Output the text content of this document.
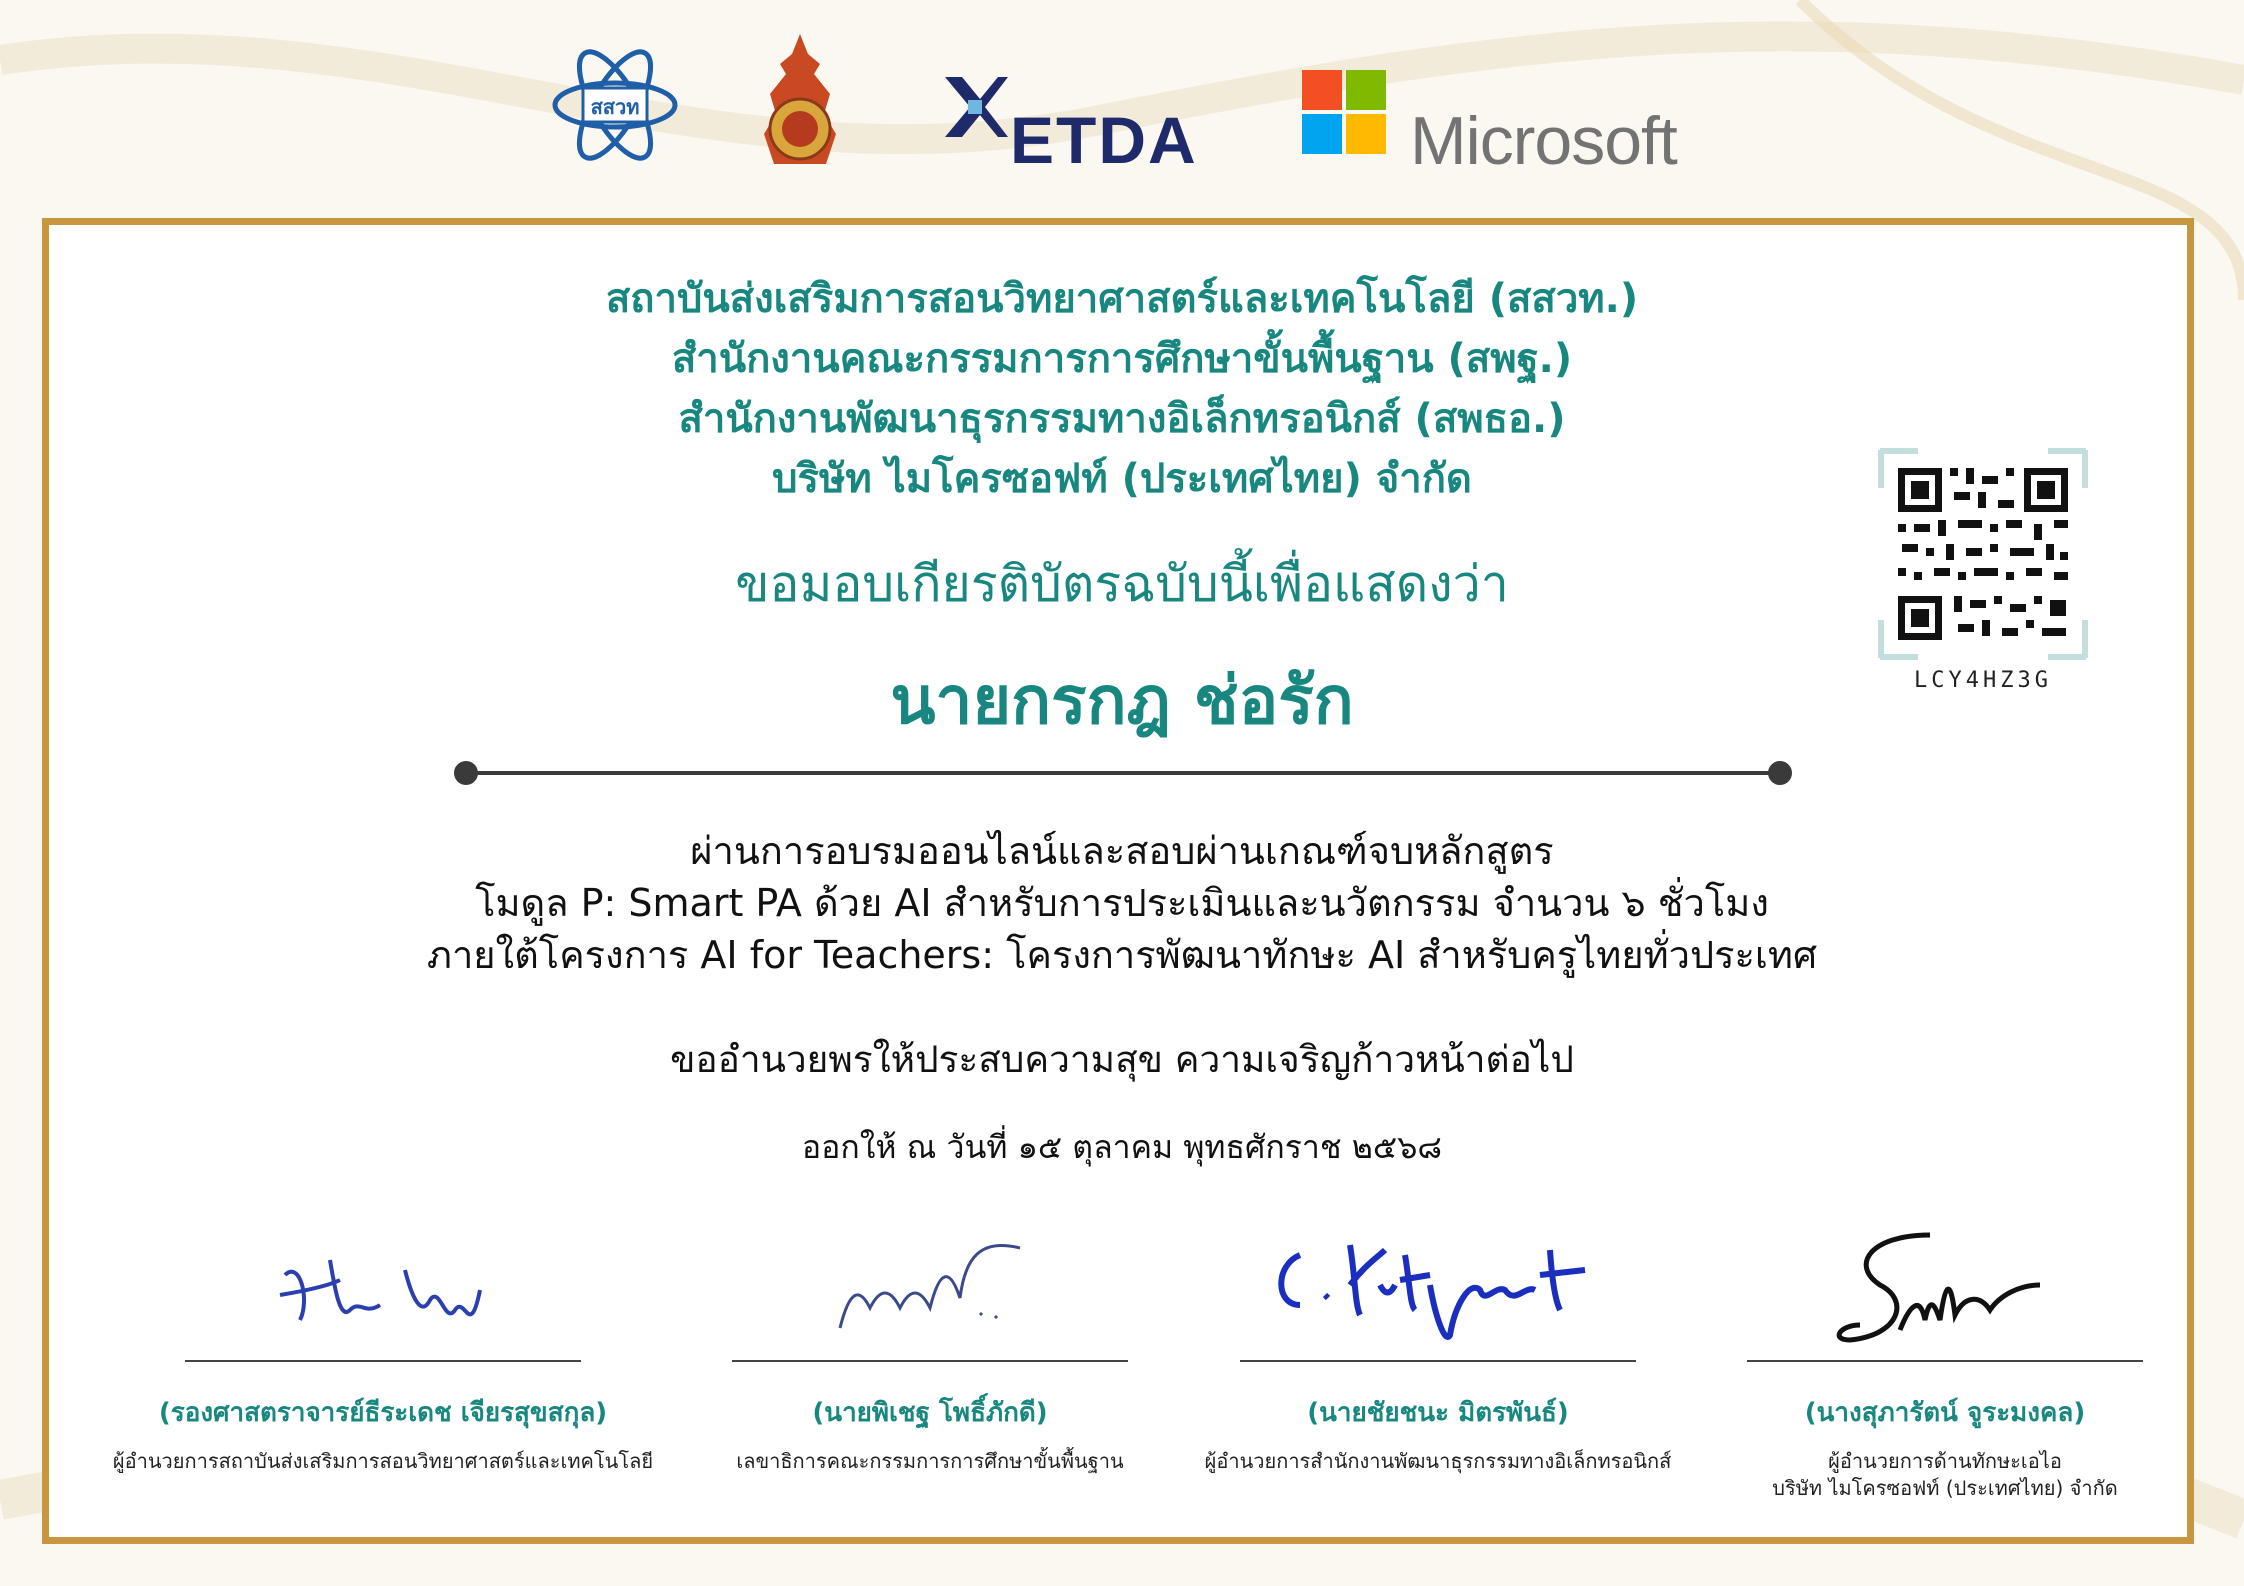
สสวท	ETDA	Microsoft
สถาบันส่งเสริมการสอนวิทยาศาสตร์และเทคโนโลยี (สสวท.)
สำนักงานคณะกรรมการการศึกษาขั้นพื้นฐาน (สพฐ.)
สำนักงานพัฒนาธุรกรรมทางอิเล็กทรอนิกส์ (สพธอ.)
บริษัท ไมโครซอฟท์ (ประเทศไทย) จำกัด
ขอมอบเกียรติบัตรฉบับนี้เพื่อแสดงว่า
นายกรกฎ ช่อรัก	LCY4HZ3G
ผ่านการอบรมออนไลน์และสอบผ่านเกณฑ์จบหลักสูตร
โมดูล P: Smart PA ด้วย AI สำหรับการประเมินและนวัตกรรม จำนวน ๖ ชั่วโมง
ภายใต้โครงการ AI for Teachers: โครงการพัฒนาทักษะ AI สำหรับครูไทยทั่วประเทศ
ขออำนวยพรให้ประสบความสุข ความเจริญก้าวหน้าต่อไป
ออกให้ ณ วันที่ ๑๕ ตุลาคม พุทธศักราช ๒๕๖๘
(รองศาสตราจารย์ธีระเดช เจียรสุขสกุล)
ผู้อำนวยการสถาบันส่งเสริมการสอนวิทยาศาสตร์และเทคโนโลยี
(นายพิเชฐ โพธิ์ภักดี)
เลขาธิการคณะกรรมการการศึกษาขั้นพื้นฐาน
(นายชัยชนะ มิตรพันธ์)
ผู้อำนวยการสำนักงานพัฒนาธุรกรรมทางอิเล็กทรอนิกส์
(นางสุภารัตน์ จูระมงคล)
ผู้อำนวยการด้านทักษะเอไอ
บริษัท ไมโครซอฟท์ (ประเทศไทย) จำกัด
